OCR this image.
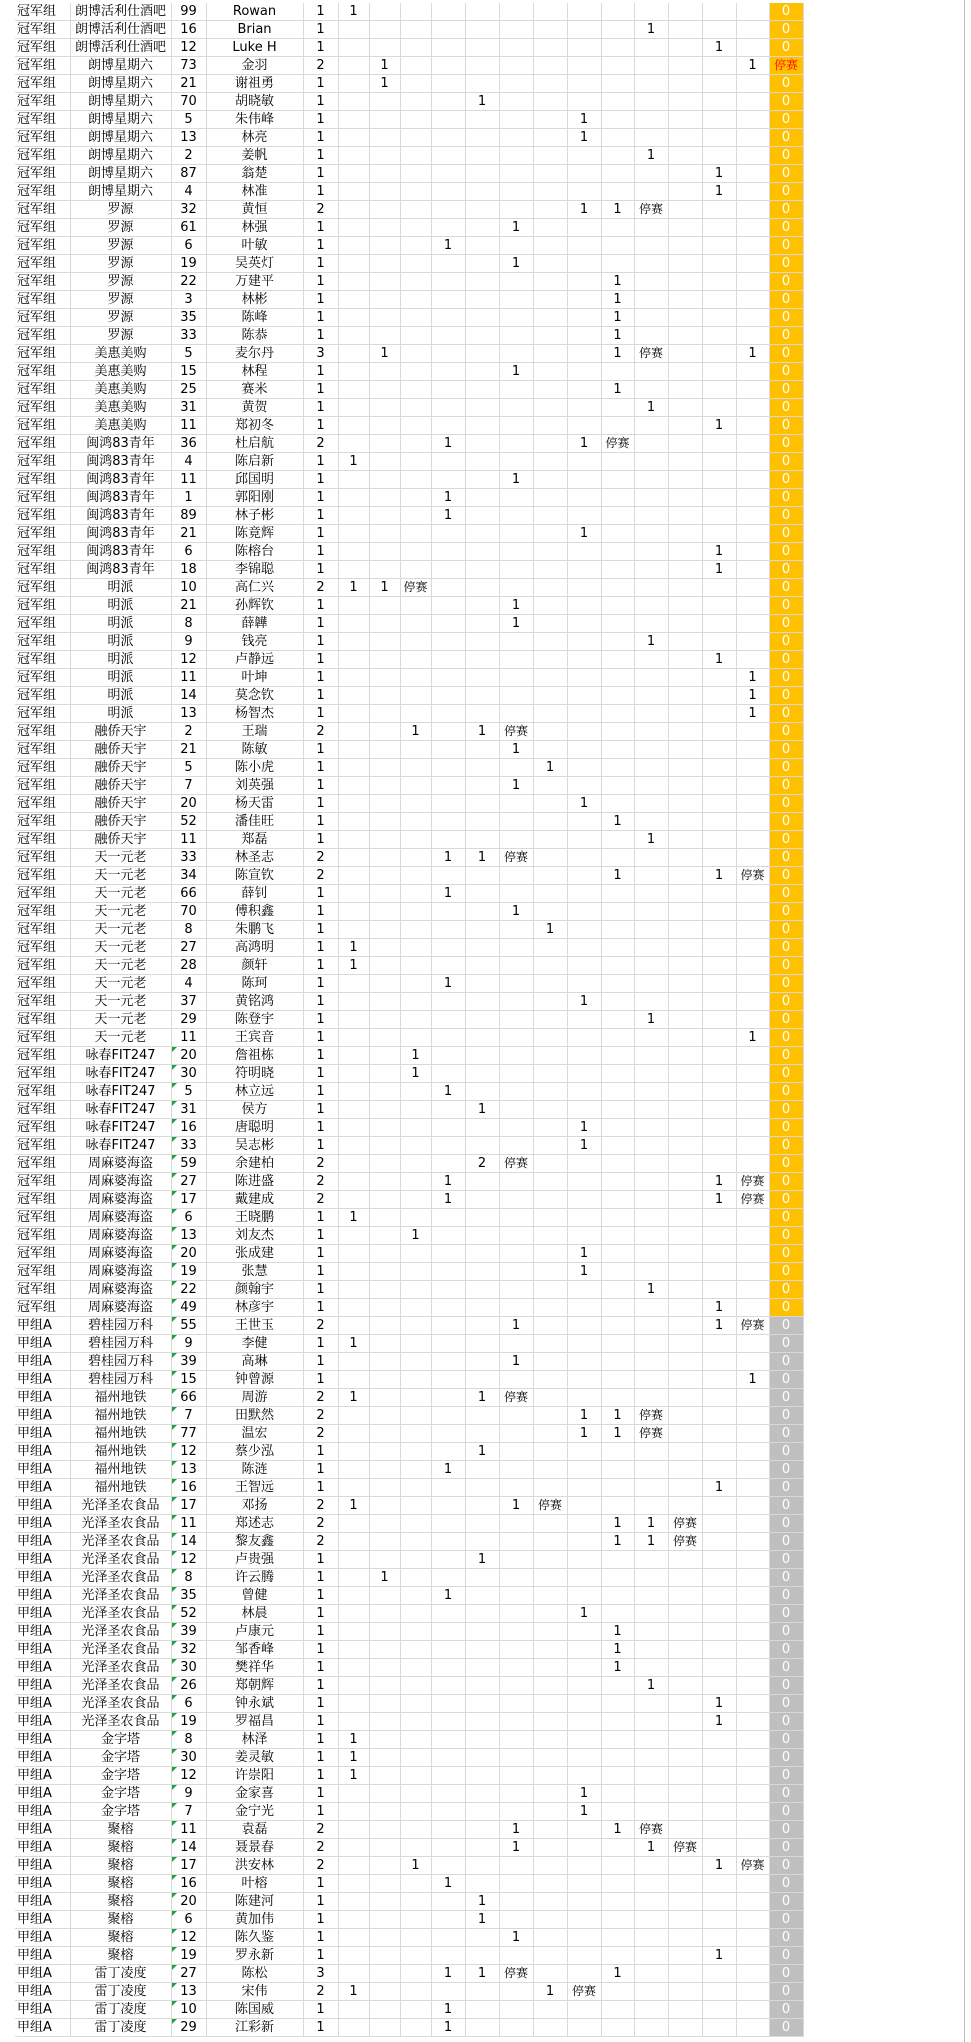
冠军组	朗博活利仕酒吧	99	Rowan	1	1													0
冠军组	朗博活利仕酒吧	16	Brian	1										1				0
冠军组	朗博活利仕酒吧	12	Luke H	1												1		0
冠军组	朗博星期六	73	金羽	2		1											1	停赛
冠军组	朗博星期六	21	谢祖勇	1		1												0
冠军组	朗博星期六	70	胡晓敏	1					1									0
冠军组	朗博星期六	5	朱伟峰	1								1						0
冠军组	朗博星期六	13	林亮	1								1						0
冠军组	朗博星期六	2	姜帆	1										1				0
冠军组	朗博星期六	87	翁楚	1												1		0
冠军组	朗博星期六	4	林准	1												1		0
冠军组	罗源	32	黄恒	2								1	1	停赛				0
冠军组	罗源	61	林强	1						1								0
冠军组	罗源	6	叶敏	1				1										0
冠军组	罗源	19	吴英灯	1						1								0
冠军组	罗源	22	万建平	1									1					0
冠军组	罗源	3	林彬	1									1					0
冠军组	罗源	35	陈峰	1									1					0
冠军组	罗源	33	陈恭	1									1					0
冠军组	美惠美购	5	麦尔丹	3		1							1	停赛			1	0
冠军组	美惠美购	15	林程	1						1								0
冠军组	美惠美购	25	赛米	1									1					0
冠军组	美惠美购	31	黄贺	1										1				0
冠军组	美惠美购	11	郑初冬	1												1		0
冠军组	闽鸿83青年	36	杜启航	2				1				1	停赛					0
冠军组	闽鸿83青年	4	陈启新	1	1													0
冠军组	闽鸿83青年	11	邱国明	1						1								0
冠军组	闽鸿83青年	1	郭阳刚	1				1										0
冠军组	闽鸿83青年	89	林子彬	1				1										0
冠军组	闽鸿83青年	21	陈竟辉	1								1						0
冠军组	闽鸿83青年	6	陈榕台	1												1		0
冠军组	闽鸿83青年	18	李锦聪	1												1		0
冠军组	明派	10	高仁兴	2	1	1	停赛											0
冠军组	明派	21	孙辉钦	1						1								0
冠军组	明派	8	薛韡	1						1								0
冠军组	明派	9	钱亮	1										1				0
冠军组	明派	12	卢静远	1												1		0
冠军组	明派	11	叶坤	1													1	0
冠军组	明派	14	莫念钦	1													1	0
冠军组	明派	13	杨智杰	1													1	0
冠军组	融侨天宇	2	王瑞	2			1		1	停赛								0
冠军组	融侨天宇	21	陈敏	1						1								0
冠军组	融侨天宇	5	陈小虎	1							1							0
冠军组	融侨天宇	7	刘英强	1						1								0
冠军组	融侨天宇	20	杨天雷	1								1						0
冠军组	融侨天宇	52	潘佳旺	1									1					0
冠军组	融侨天宇	11	郑磊	1										1				0
冠军组	天一元老	33	林圣志	2				1	1	停赛								0
冠军组	天一元老	34	陈宣钦	2									1			1	停赛	0
冠军组	天一元老	66	薛钊	1				1										0
冠军组	天一元老	70	傅积鑫	1						1								0
冠军组	天一元老	8	朱鹏飞	1							1							0
冠军组	天一元老	27	高鸿明	1	1													0
冠军组	天一元老	28	颜轩	1	1													0
冠军组	天一元老	4	陈珂	1				1										0
冠军组	天一元老	37	黄铭鸿	1								1						0
冠军组	天一元老	29	陈登宇	1										1				0
冠军组	天一元老	11	王宾音	1													1	0
冠军组	咏春FIT247	20	詹祖栋	1			1											0
冠军组	咏春FIT247	30	符明晓	1			1											0
冠军组	咏春FIT247	5	林立远	1				1										0
冠军组	咏春FIT247	31	侯方	1					1									0
冠军组	咏春FIT247	16	唐聪明	1								1						0
冠军组	咏春FIT247	33	吴志彬	1								1						0
冠军组	周麻婆海盗	59	余建柏	2					2	停赛								0
冠军组	周麻婆海盗	27	陈进盛	2				1								1	停赛	0
冠军组	周麻婆海盗	17	戴建成	2				1								1	停赛	0
冠军组	周麻婆海盗	6	王晓鹏	1	1													0
冠军组	周麻婆海盗	13	刘友杰	1			1											0
冠军组	周麻婆海盗	20	张成建	1								1						0
冠军组	周麻婆海盗	19	张慧	1								1						0
冠军组	周麻婆海盗	22	颜翰宇	1										1				0
冠军组	周麻婆海盗	49	林彦宇	1												1		0
甲组A	碧桂园万科	55	王世玉	2						1						1	停赛	0
甲组A	碧桂园万科	9	李健	1	1													0
甲组A	碧桂园万科	39	高琳	1						1								0
甲组A	碧桂园万科	15	钟曾源	1													1	0
甲组A	福州地铁	66	周游	2	1				1	停赛								0
甲组A	福州地铁	7	田默然	2								1	1	停赛				0
甲组A	福州地铁	77	温宏	2								1	1	停赛				0
甲组A	福州地铁	12	蔡少泓	1					1									0
甲组A	福州地铁	13	陈涟	1				1										0
甲组A	福州地铁	16	王智远	1												1		0
甲组A	光泽圣农食品	17	邓扬	2	1					1	停赛							0
甲组A	光泽圣农食品	11	郑述志	2									1	1	停赛			0
甲组A	光泽圣农食品	14	黎友鑫	2									1	1	停赛			0
甲组A	光泽圣农食品	12	卢贵强	1					1									0
甲组A	光泽圣农食品	8	许云腾	1		1												0
甲组A	光泽圣农食品	35	曾健	1				1										0
甲组A	光泽圣农食品	52	林晨	1								1						0
甲组A	光泽圣农食品	39	卢康元	1									1					0
甲组A	光泽圣农食品	32	邹香峰	1									1					0
甲组A	光泽圣农食品	30	樊祥华	1									1					0
甲组A	光泽圣农食品	26	郑朝辉	1										1				0
甲组A	光泽圣农食品	6	钟永斌	1												1		0
甲组A	光泽圣农食品	19	罗福昌	1												1		0
甲组A	金字塔	8	林泽	1	1													0
甲组A	金字塔	30	姜灵敏	1	1													0
甲组A	金字塔	12	许崇阳	1	1													0
甲组A	金字塔	9	金家喜	1								1						0
甲组A	金字塔	7	金宁光	1								1						0
甲组A	聚榕	11	袁磊	2						1			1	停赛				0
甲组A	聚榕	14	聂景春	2						1				1	停赛			0
甲组A	聚榕	17	洪安林	2			1									1	停赛	0
甲组A	聚榕	16	叶榕	1				1										0
甲组A	聚榕	20	陈建河	1					1									0
甲组A	聚榕	6	黄加伟	1					1									0
甲组A	聚榕	12	陈久鉴	1						1								0
甲组A	聚榕	19	罗永新	1												1		0
甲组A	雷丁凌度	27	陈松	3				1	1	停赛			1					0
甲组A	雷丁凌度	13	宋伟	2	1						1	停赛						0
甲组A	雷丁凌度	10	陈国威	1				1										0
甲组A	雷丁凌度	29	江彩新	1				1										0
